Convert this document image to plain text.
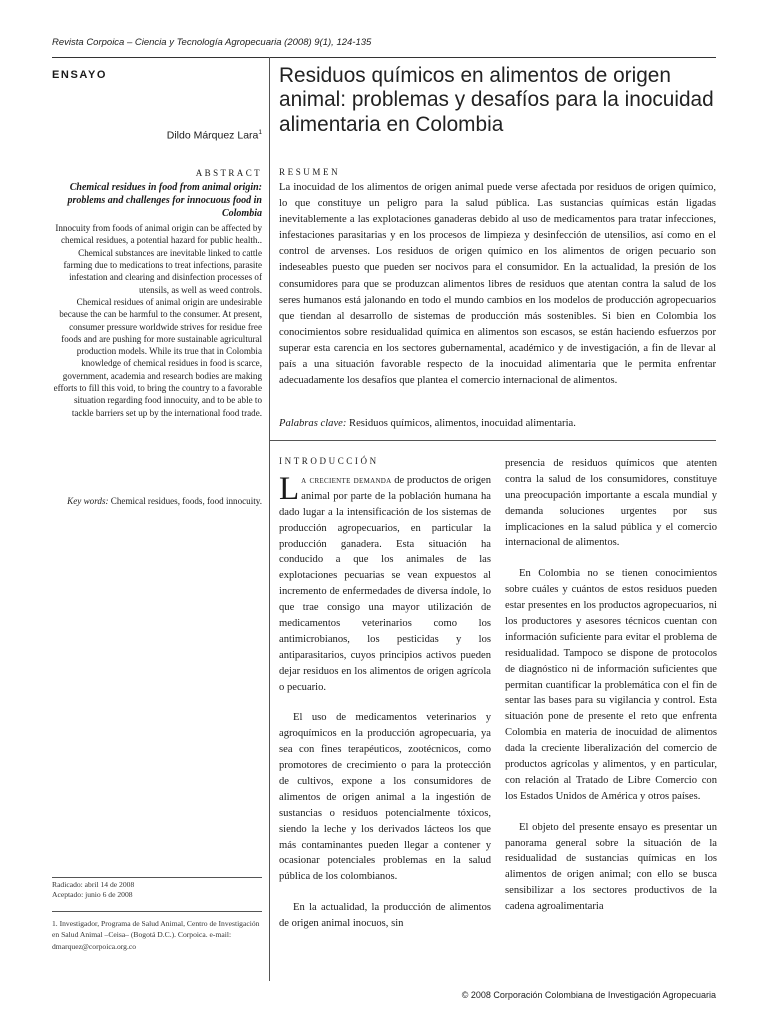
Revista Corpoica – Ciencia y Tecnología Agropecuaria (2008) 9(1), 124-135
ENSAYO	Residuos químicos en alimentos de origen animal: problemas y desafíos para la inocuidad alimentaria en Colombia
Dildo Márquez Lara$^1$
ABSTRACT
Chemical residues in food from animal origin: problems and challenges for innocuous food in Colombia

Innocuity from foods of animal origin can be affected by chemical residues, a potential hazard for public health.. Chemical substances are inevitable linked to cattle farming due to medications to treat infections, parasite infestation and clearing and disinfection processes of utensils, as well as weed controls.

Chemical residues of animal origin are undesirable because the can be harmful to the consumer. At present, consumer pressure worldwide strives for residue free foods and are pushing for more sustainable agricultural production models. While its true that in Colombia knowledge of chemical residues in food is scarce, government, academia and research bodies are making efforts to fill this void, to bring the country to a favorable situation regarding food innocuity, and to be able to tackle barriers set up by the international food trade.

Key words: Chemical residues, foods, food innocuity.
Radicado: abril 14 de 2008
Aceptado: junio 6 de 2008
1. Investigador, Programa de Salud Animal, Centro de Investigación en Salud Animal –Ceisa– (Bogotá D.C.). Corpoica. e-mail: dmarquez@corpoica.org.co
RESUMEN
La inocuidad de los alimentos de origen animal puede verse afectada por residuos de origen químico, lo que constituye un peligro para la salud pública. Las sustancias químicas están ligadas inevitablemente a las explotaciones ganaderas debido al uso de medicamentos para tratar infecciones, infestaciones parasitarias y en los procesos de limpieza y desinfección de utensilios, así como en el control de arvenses. Los residuos de origen químico en los alimentos de origen pecuario son indeseables puesto que pueden ser nocivos para el consumidor. En la actualidad, la presión de los consumidores para que se produzcan alimentos libres de residuos que atentan contra la salud de los seres humanos está jalonando en todo el mundo cambios en los modelos de producción agropecuarios que tiendan al desarrollo de sistemas de producción más sostenibles. Si bien en Colombia los conocimientos sobre residualidad química en alimentos son escasos, se están haciendo esfuerzos por superar esta carencia en los sectores gubernamental, académico y de investigación, a fin de llevar al país a una situación favorable respecto de la inocuidad alimentaria que le permita enfrentar adecuadamente los desafíos que plantea el comercio internacional de alimentos.
Palabras clave: Residuos químicos, alimentos, inocuidad alimentaria.
INTRODUCCIÓN

La creciente demanda de productos de origen animal por parte de la población humana ha dado lugar a la intensificación de los sistemas de producción agropecuarios, en particular la producción ganadera. Esta situación ha conducido a que los animales de las explotaciones pecuarias se vean expuestos al incremento de enfermedades de diversa índole, lo que trae consigo una mayor utilización de medicamentos veterinarios como los antimicrobianos, los pesticidas y los antiparasitarios, cuyos principios activos pueden dejar residuos en los alimentos de origen agrícola o pecuario.

El uso de medicamentos veterinarios y agroquímicos en la producción agropecuaria, ya sea con fines terapéuticos, zootécnicos, como promotores de crecimiento o para la protección de cultivos, expone a los consumidores de alimentos de origen animal a la ingestión de sustancias o residuos potencialmente tóxicos, siendo la leche y los derivados lácteos los que más contaminantes pueden llegar a contener y ocasionar potenciales problemas en la salud pública de los colombianos.

En la actualidad, la producción de alimentos de origen animal inocuos, sin

presencia de residuos químicos que atenten contra la salud de los consumidores, constituye una preocupación importante a escala mundial y demanda soluciones urgentes por sus implicaciones en la salud pública y el comercio internacional de alimentos.

En Colombia no se tienen conocimientos sobre cuáles y cuántos de estos residuos pueden estar presentes en los productos agropecuarios, ni los productores y asesores técnicos cuentan con información suficiente para evitar el problema de residualidad. Tampoco se dispone de protocolos de diagnóstico ni de información suficientes que permitan cuantificar la problemática con el fin de sentar las bases para su vigilancia y control. Esta situación pone de presente el reto que enfrenta Colombia en materia de inocuidad de alimentos dada la creciente liberalización del comercio de productos agrícolas y alimentos, y en particular, con relación al Tratado de Libre Comercio con los Estados Unidos de América y otros países.

El objeto del presente ensayo es presentar un panorama general sobre la situación de la residualidad de sustancias químicas en los alimentos de origen animal; con ello se busca sensibilizar a los sectores productivos de la cadena agroalimentaria

© 2008 Corporación Colombiana de Investigación Agropecuaria
